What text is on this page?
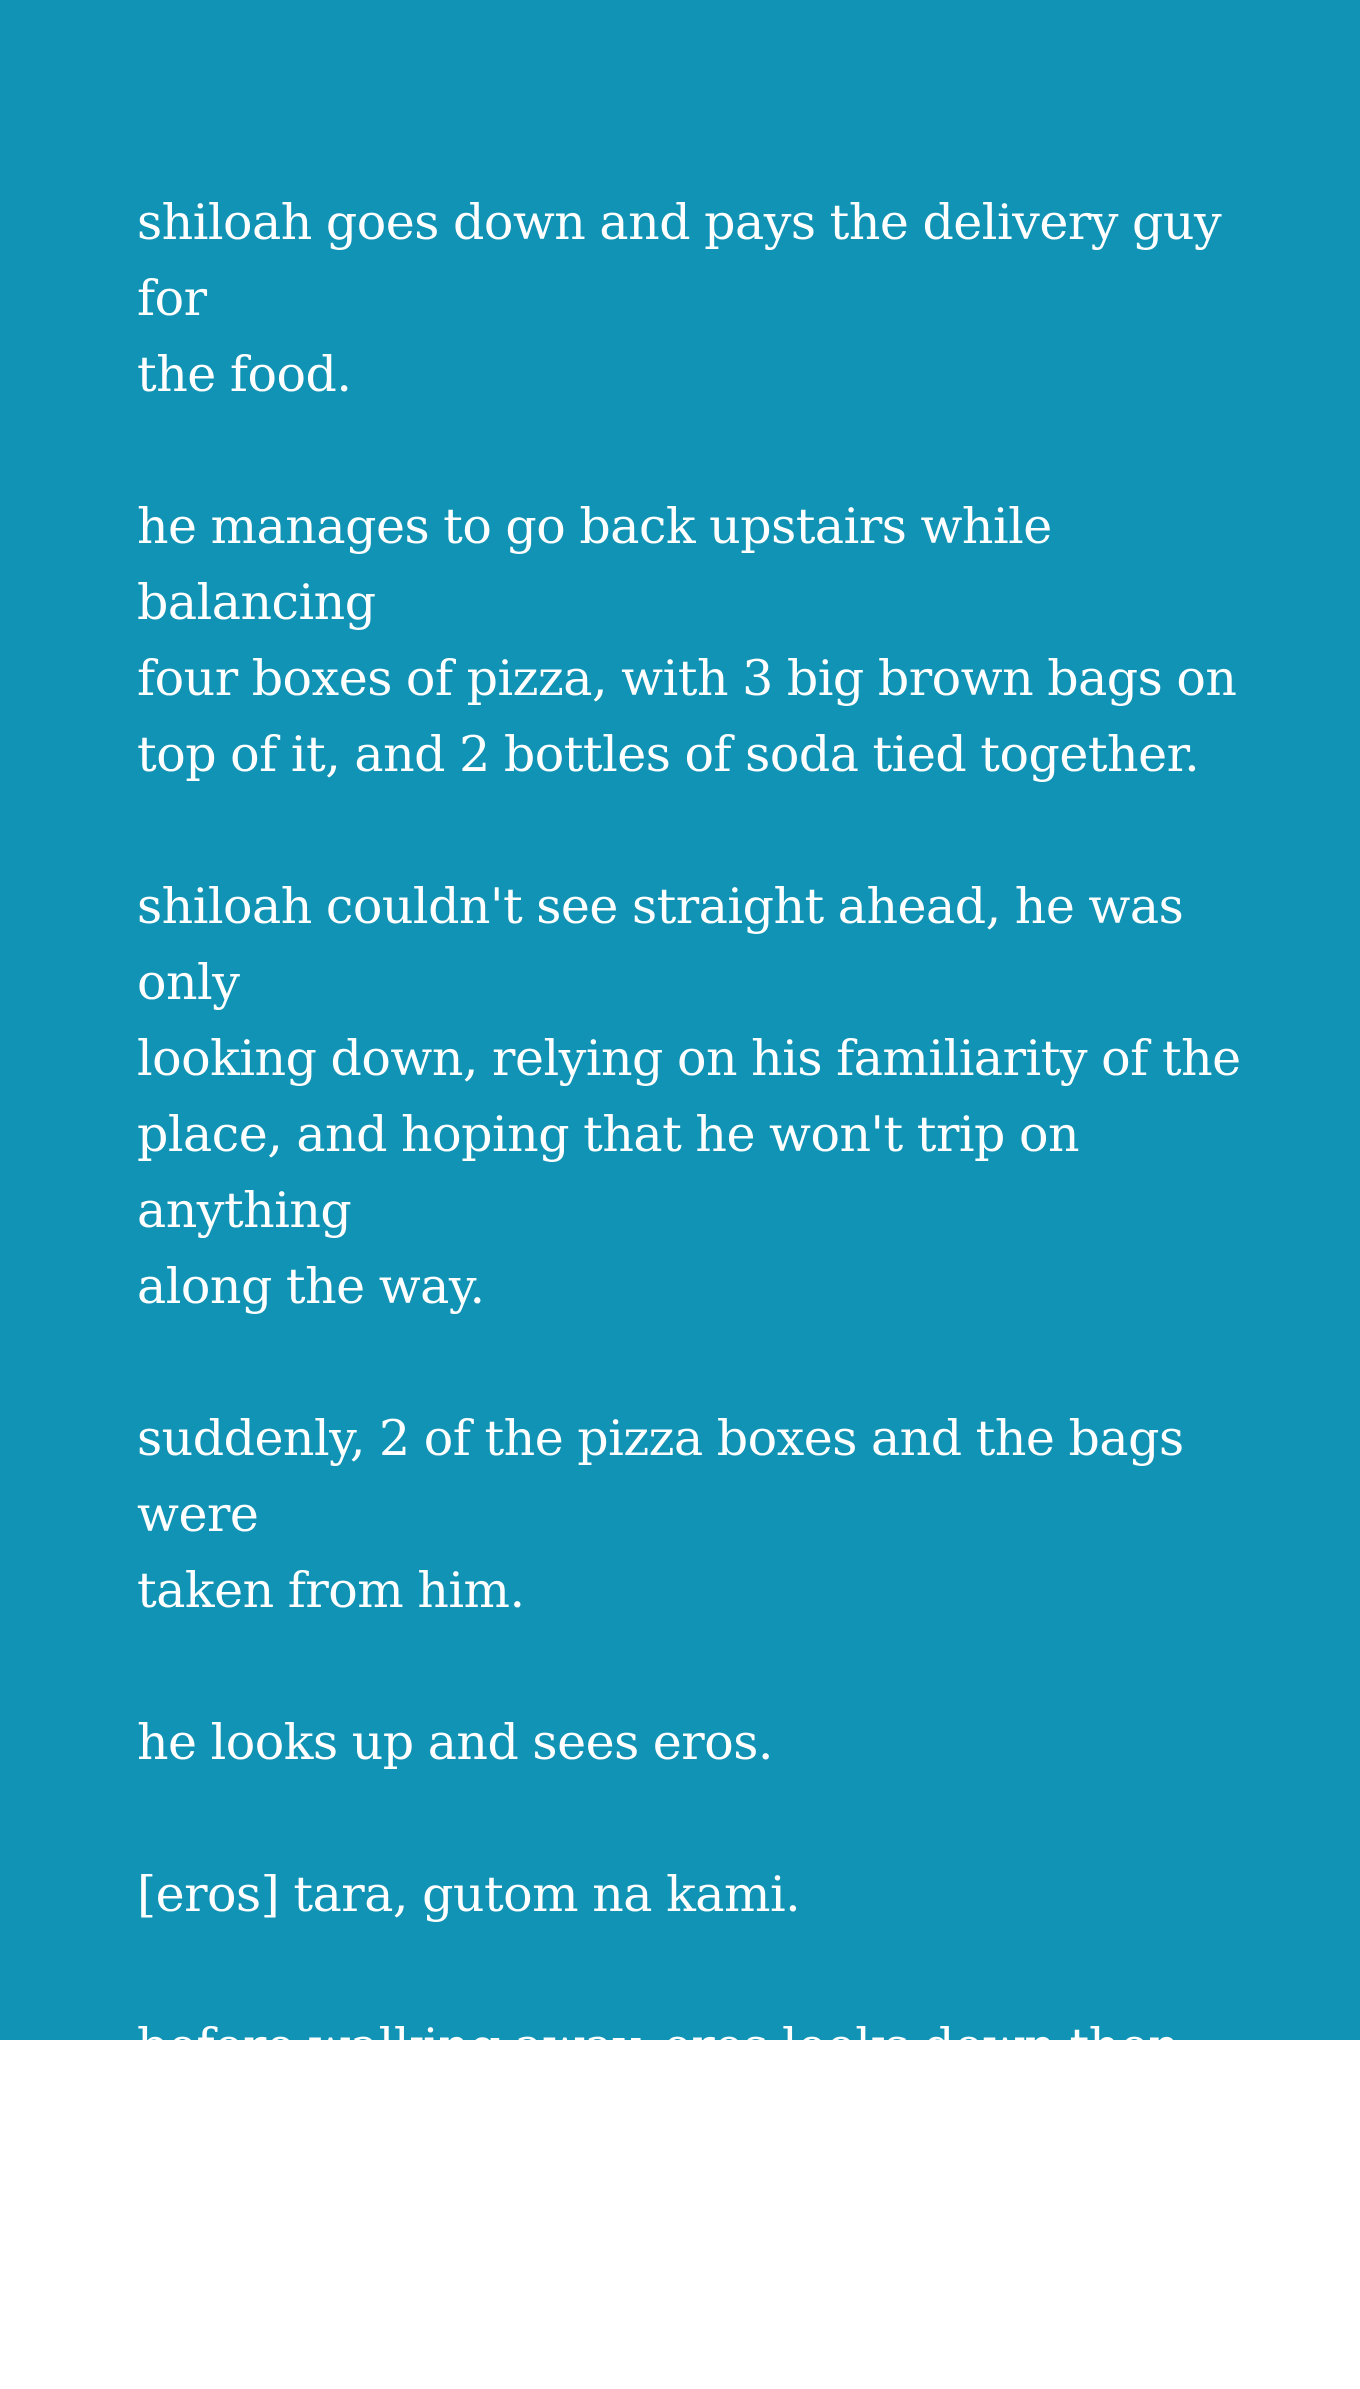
shiloah goes down and pays the delivery guy for
the food.

he manages to go back upstairs while balancing
four boxes of pizza, with 3 big brown bags on
top of it, and 2 bottles of soda tied together.

shiloah couldn't see straight ahead, he was only
looking down, relying on his familiarity of the
place, and hoping that he won't trip on anything
along the way.

suddenly, 2 of the pizza boxes and the bags were
taken from him.

he looks up and sees eros.

[eros] tara, gutom na kami.

before walking away, eros looks down then takes
the soda bottles from shiloah. leaving him with
only the two boxes to carry.
